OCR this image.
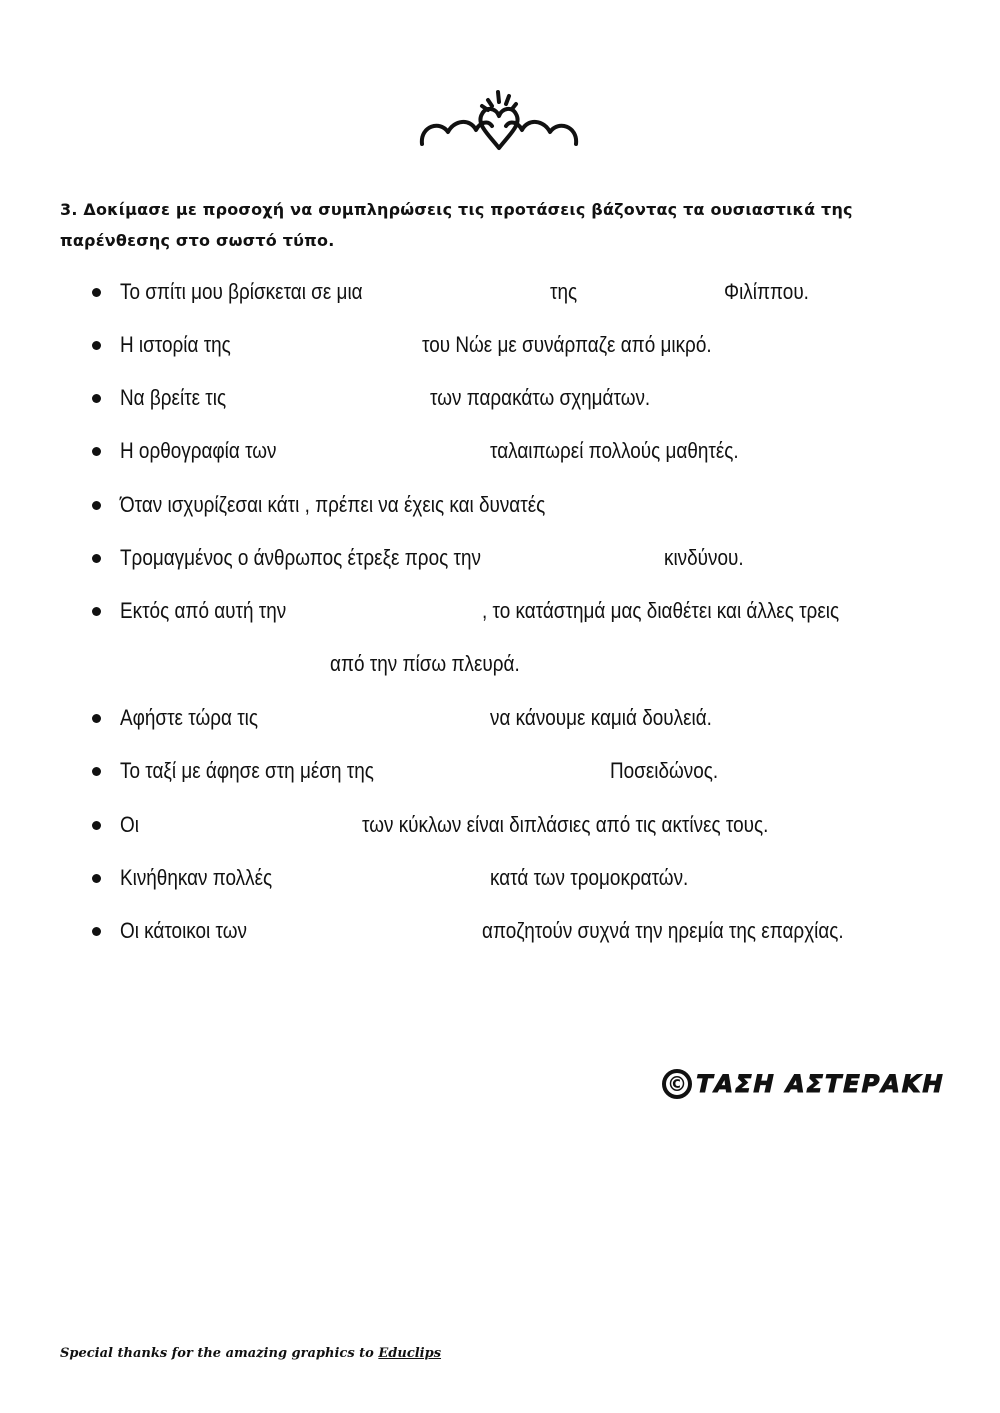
3. Δοκίμασε με προσοχή να συμπληρώσεις τις προτάσεις βάζοντας τα ουσιαστικά της παρένθεσης στο σωστό τύπο.
Το σπίτι μου βρίσκεται σε μια	της	Φιλίππου.
Η ιστορία της	του Νώε με συνάρπαζε από μικρό.
Να βρείτε τις	των παρακάτω σχημάτων.
Η ορθογραφία των	ταλαιπωρεί πολλούς μαθητές.
Όταν ισχυρίζεσαι κάτι , πρέπει να έχεις και δυνατές
Τρομαγμένος ο άνθρωπος έτρεξε προς την	κινδύνου.
Εκτός από αυτή την	, το κατάστημά μας διαθέτει και άλλες τρεις
από την πίσω πλευρά.
Αφήστε τώρα τις	να κάνουμε καμιά δουλειά.
Το ταξί με άφησε στη μέση της	Ποσειδώνος.
Οι	των κύκλων είναι διπλάσιες από τις ακτίνες τους.
Κινήθηκαν πολλές	κατά των τρομοκρατών.
Οι κάτοικοι των	αποζητούν συχνά την ηρεμία της επαρχίας.
© ΤΑΣΗ ΑΣΤΕΡΑΚΗ
Special thanks for the amazing graphics to Educlips
